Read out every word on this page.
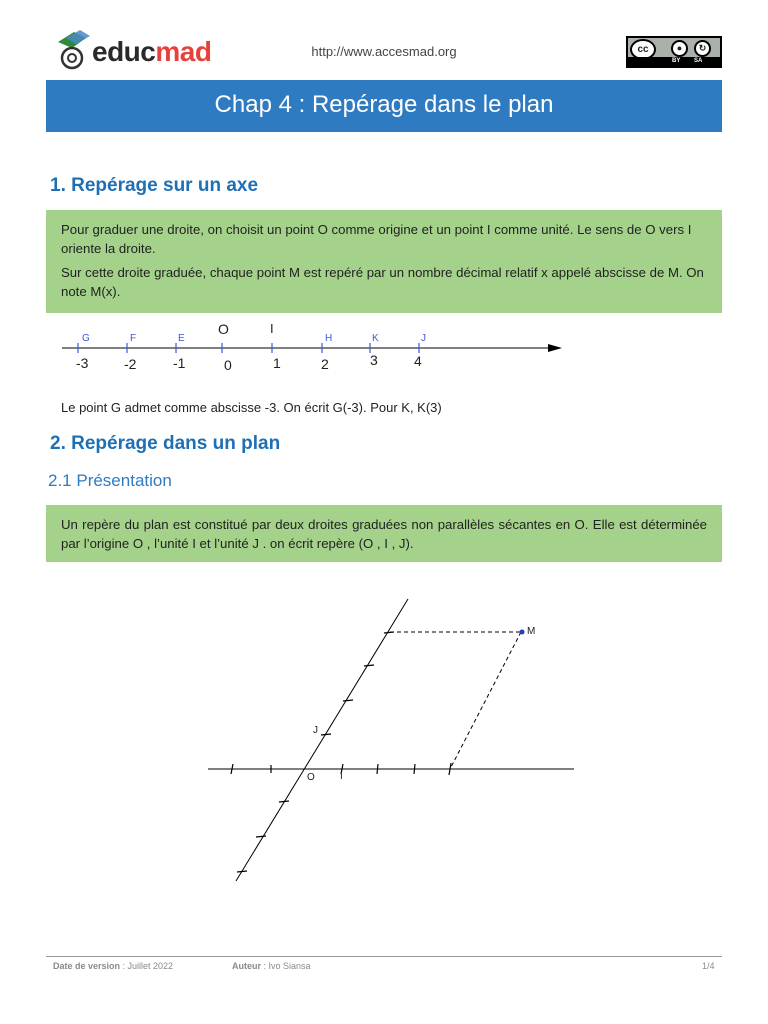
educmad	http://www.accesmad.org	cc	●	↻
BY SA
Chap 4 : Repérage dans le plan
1. Repérage sur un axe

Pour graduer une droite, on choisit un point O comme origine et un point I comme unité. Le sens de O vers I oriente la droite.

Sur cette droite graduée, chaque point M est repéré par un nombre décimal relatif x appelé abscisse de M. On note M(x).

G	F	E
O	I
H	K	J
-3	-2	-1	0	1	2	3	4
Le point G admet comme abscisse -3. On écrit G(-3). Pour K, K(3)
2. Repérage dans un plan
2.1 Présentation

Un repère du plan est constitué par deux droites graduées non parallèles sécantes en O. Elle est déterminée par l’origine O , l’unité I et l’unité J . on écrit repère (O , I , J).

M
J
O	I
Date de version : Juillet 2022	Auteur : Ivo Siansa	1/4
